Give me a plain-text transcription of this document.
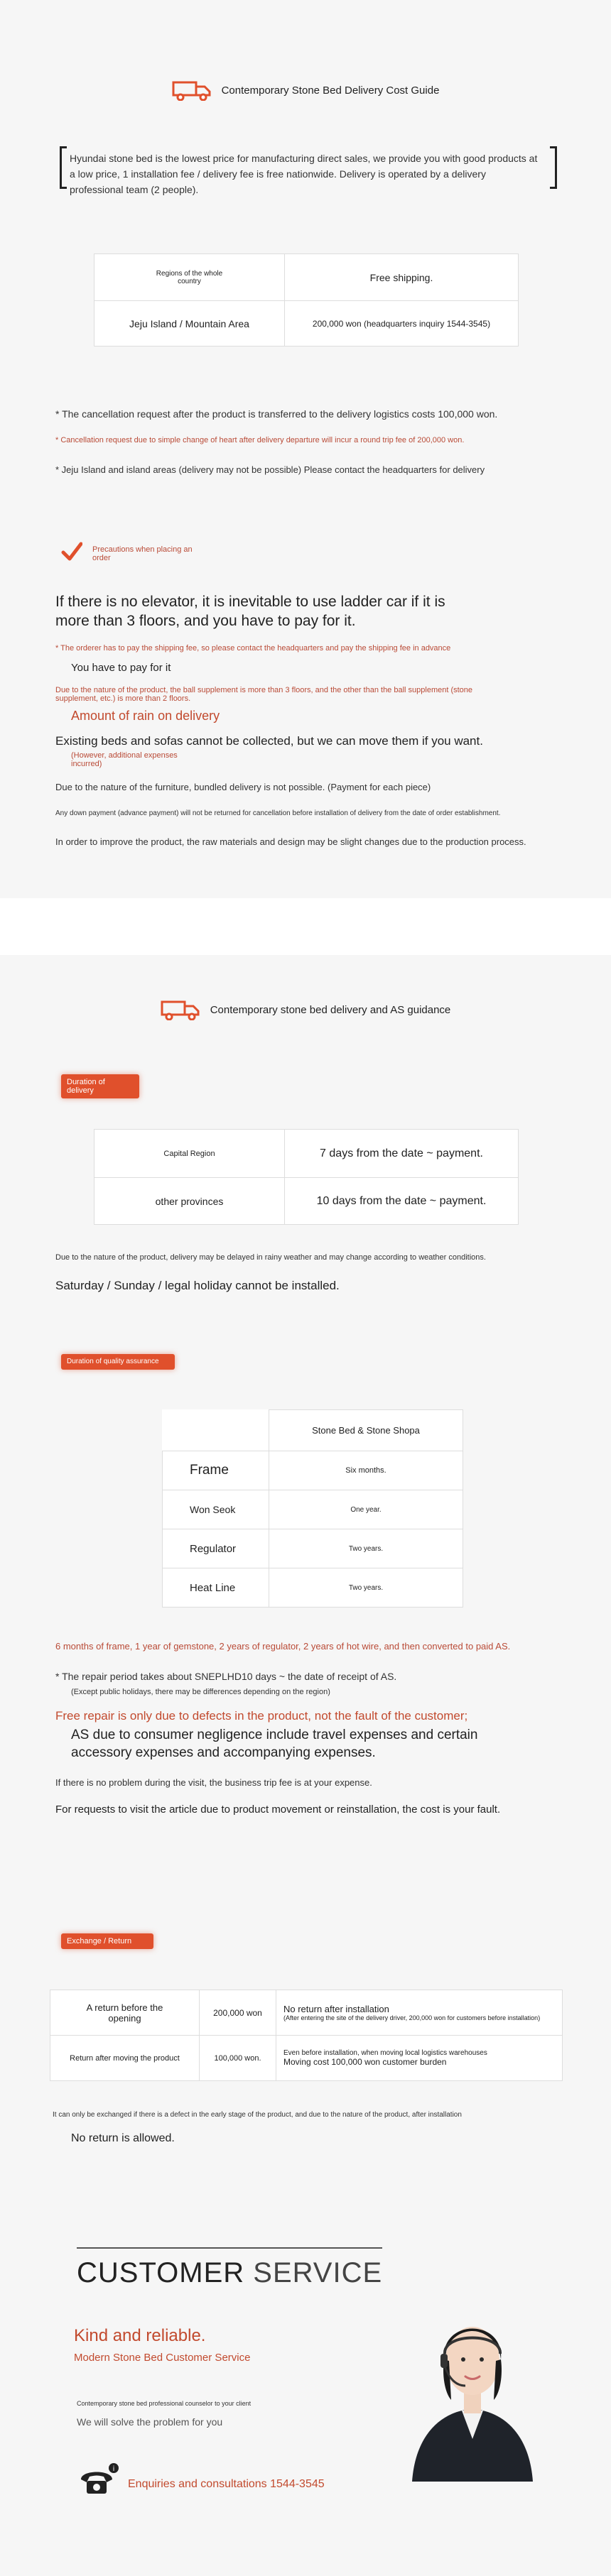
Contemporary Stone Bed Delivery Cost Guide
Hyundai stone bed is the lowest price for manufacturing direct sales, we provide you with good products at a low price, 1 installation fee / delivery fee is free nationwide. Delivery is operated by a delivery professional team (2 people).
Regions of the whole country	Free shipping.
Jeju Island / Mountain Area	200,000 won (headquarters inquiry 1544-3545)
* The cancellation request after the product is transferred to the delivery logistics costs 100,000 won.
* Cancellation request due to simple change of heart after delivery departure will incur a round trip fee of 200,000 won.
* Jeju Island and island areas (delivery may not be possible) Please contact the headquarters for delivery
Precautions when placing an order
If there is no elevator, it is inevitable to use ladder car if it is more than 3 floors, and you have to pay for it.
* The orderer has to pay the shipping fee, so please contact the headquarters and pay the shipping fee in advance
You have to pay for it
Due to the nature of the product, the ball supplement is more than 3 floors, and the other than the ball supplement (stone supplement, etc.) is more than 2 floors.
Amount of rain on delivery
Existing beds and sofas cannot be collected, but we can move them if you want.
(However, additional expenses incurred)
Due to the nature of the furniture, bundled delivery is not possible. (Payment for each piece)
Any down payment (advance payment) will not be returned for cancellation before installation of delivery from the date of order establishment.
In order to improve the product, the raw materials and design may be slight changes due to the production process.
Contemporary stone bed delivery and AS guidance
Duration of delivery
Capital Region	7 days from the date ~ payment.
other provinces	10 days from the date ~ payment.
Due to the nature of the product, delivery may be delayed in rainy weather and may change according to weather conditions.
Saturday / Sunday / legal holiday cannot be installed.
Duration of quality assurance
	Stone Bed & Stone Shopa
Frame	Six months.
Won Seok	One year.
Regulator	Two years.
Heat Line	Two years.
6 months of frame, 1 year of gemstone, 2 years of regulator, 2 years of hot wire, and then converted to paid AS.
* The repair period takes about SNEPLHD10 days ~ the date of receipt of AS.
(Except public holidays, there may be differences depending on the region)
Free repair is only due to defects in the product, not the fault of the customer;
AS due to consumer negligence include travel expenses and certain accessory expenses and accompanying expenses.
If there is no problem during the visit, the business trip fee is at your expense.
For requests to visit the article due to product movement or reinstallation, the cost is your fault.
Exchange / Return
A return before the opening	200,000 won	No return after installation
(After entering the site of the delivery driver, 200,000 won for customers before installation)

Return after moving the product	100,000 won.	Even before installation, when moving local logistics warehouses
Moving cost 100,000 won customer burden
It can only be exchanged if there is a defect in the early stage of the product, and due to the nature of the product, after installation
No return is allowed.
CUSTOMER SERVICE
Kind and reliable.
Modern Stone Bed Customer Service
Contemporary stone bed professional counselor to your client
We will solve the problem for you
i
Enquiries and consultations 1544-3545
